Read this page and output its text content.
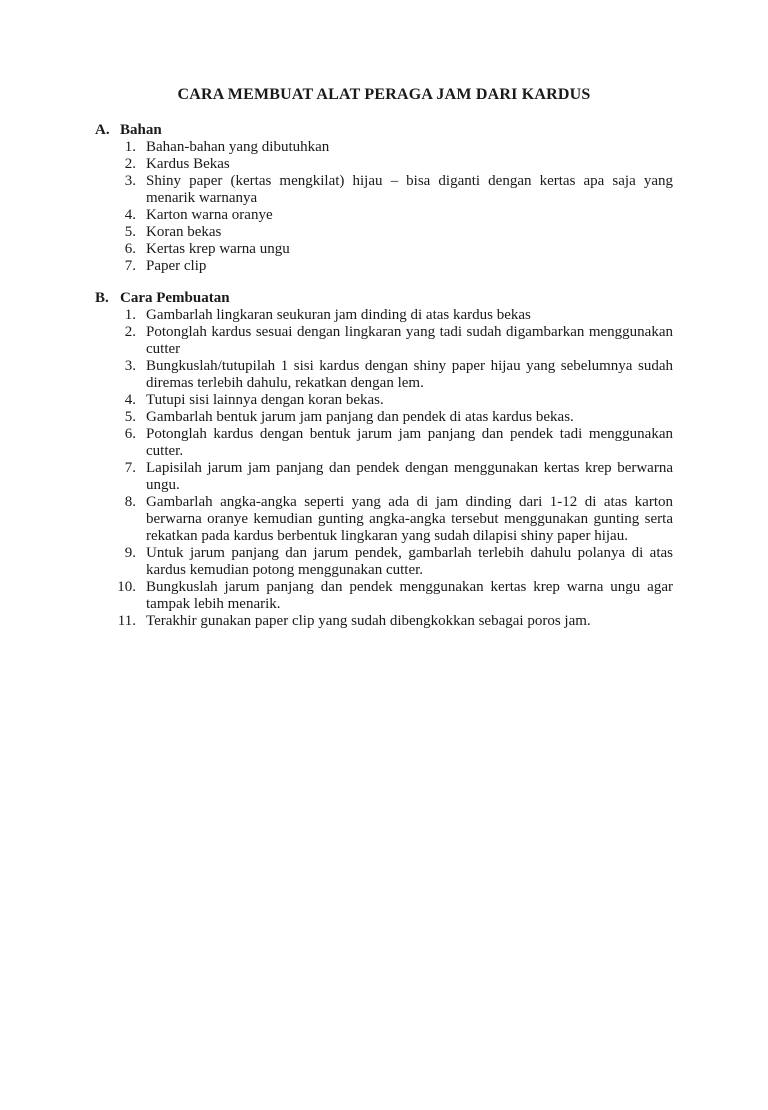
CARA MEMBUAT ALAT PERAGA JAM DARI KARDUS
A. Bahan
1. Bahan-bahan yang dibutuhkan
2. Kardus Bekas
3. Shiny paper (kertas mengkilat) hijau – bisa diganti dengan kertas apa saja yang menarik warnanya
4. Karton warna oranye
5. Koran bekas
6. Kertas krep warna ungu
7. Paper clip
B. Cara Pembuatan
1. Gambarlah lingkaran seukuran jam dinding di atas kardus bekas
2. Potonglah kardus sesuai dengan lingkaran yang tadi sudah digambarkan menggunakan cutter
3. Bungkuslah/tutupilah 1 sisi kardus dengan shiny paper hijau yang sebelumnya sudah diremas terlebih dahulu, rekatkan dengan lem.
4. Tutupi sisi lainnya dengan koran bekas.
5. Gambarlah bentuk jarum jam panjang dan pendek di atas kardus bekas.
6. Potonglah kardus dengan bentuk jarum jam panjang dan pendek tadi menggunakan cutter.
7. Lapisilah jarum jam panjang dan pendek dengan menggunakan kertas krep berwarna ungu.
8. Gambarlah angka-angka seperti yang ada di jam dinding dari 1-12 di atas karton berwarna oranye kemudian gunting angka-angka tersebut menggunakan gunting serta rekatkan pada kardus berbentuk lingkaran yang sudah dilapisi shiny paper hijau.
9. Untuk jarum panjang dan jarum pendek, gambarlah terlebih dahulu polanya di atas kardus kemudian potong menggunakan cutter.
10. Bungkuslah jarum panjang dan pendek menggunakan kertas krep warna ungu agar tampak lebih menarik.
11. Terakhir gunakan paper clip yang sudah dibengkokkan sebagai poros jam.
